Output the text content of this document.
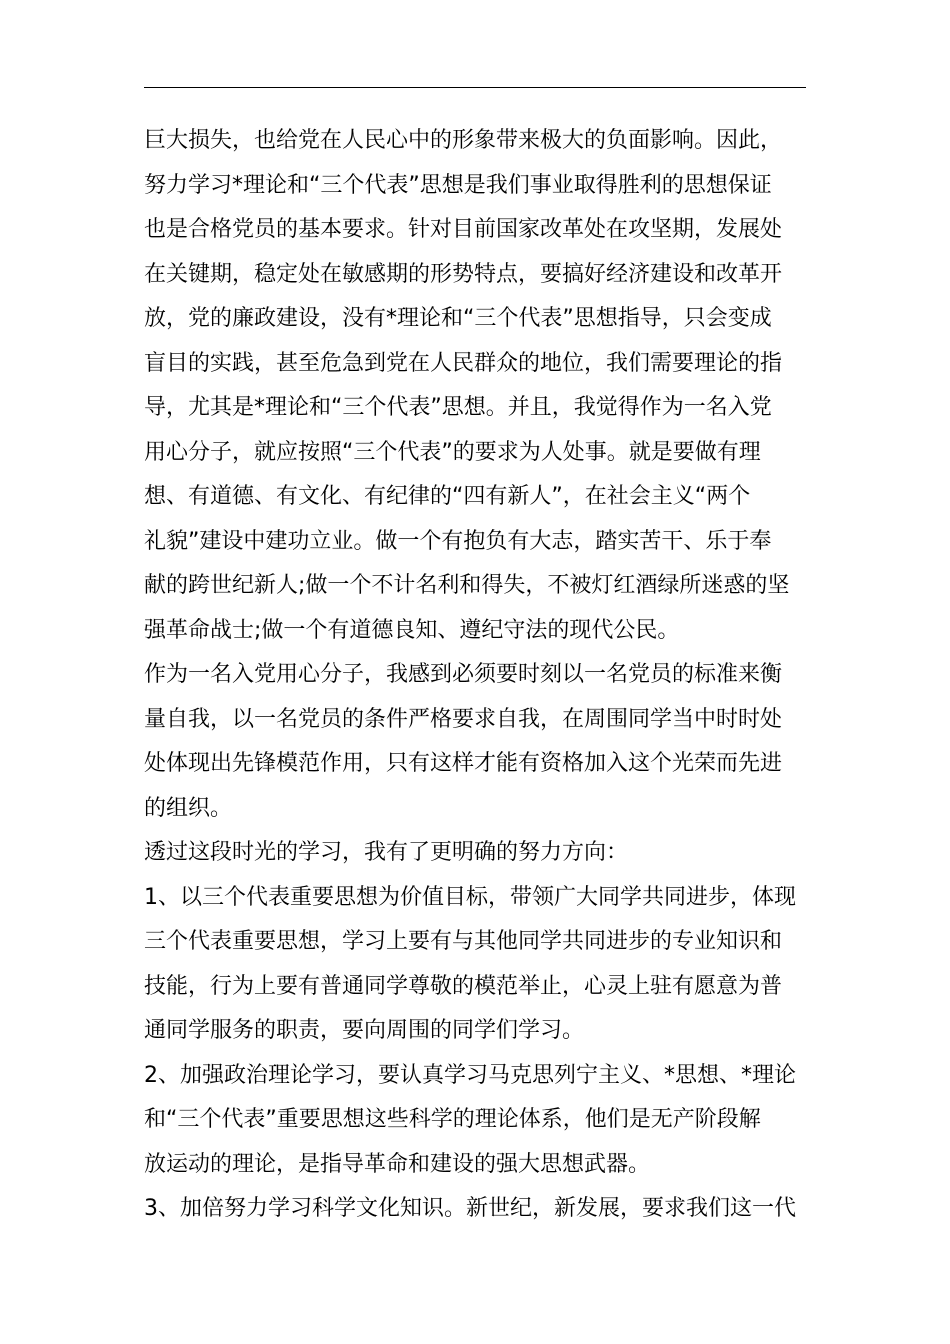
巨大损失，也给党在人民心中的形象带来极大的负面影响。因此，
努力学习*理论和“三个代表”思想是我们事业取得胜利的思想保证
也是合格党员的基本要求。针对目前国家改革处在攻坚期，发展处
在关键期，稳定处在敏感期的形势特点，要搞好经济建设和改革开
放，党的廉政建设，没有*理论和“三个代表”思想指导，只会变成
盲目的实践，甚至危急到党在人民群众的地位，我们需要理论的指
导，尤其是*理论和“三个代表”思想。并且，我觉得作为一名入党
用心分子，就应按照“三个代表”的要求为人处事。就是要做有理
想、有道德、有文化、有纪律的“四有新人”，在社会主义“两个
礼貌”建设中建功立业。做一个有抱负有大志，踏实苦干、乐于奉
献的跨世纪新人;做一个不计名利和得失，不被灯红酒绿所迷惑的坚
强革命战士;做一个有道德良知、遵纪守法的现代公民。
作为一名入党用心分子，我感到必须要时刻以一名党员的标准来衡
量自我，以一名党员的条件严格要求自我，在周围同学当中时时处
处体现出先锋模范作用，只有这样才能有资格加入这个光荣而先进
的组织。
透过这段时光的学习，我有了更明确的努力方向：
1、以三个代表重要思想为价值目标，带领广大同学共同进步，体现
三个代表重要思想，学习上要有与其他同学共同进步的专业知识和
技能，行为上要有普通同学尊敬的模范举止，心灵上驻有愿意为普
通同学服务的职责，要向周围的同学们学习。
2、加强政治理论学习，要认真学习马克思列宁主义、*思想、*理论
和“三个代表”重要思想这些科学的理论体系，他们是无产阶段解
放运动的理论，是指导革命和建设的强大思想武器。
3、加倍努力学习科学文化知识。新世纪，新发展，要求我们这一代
